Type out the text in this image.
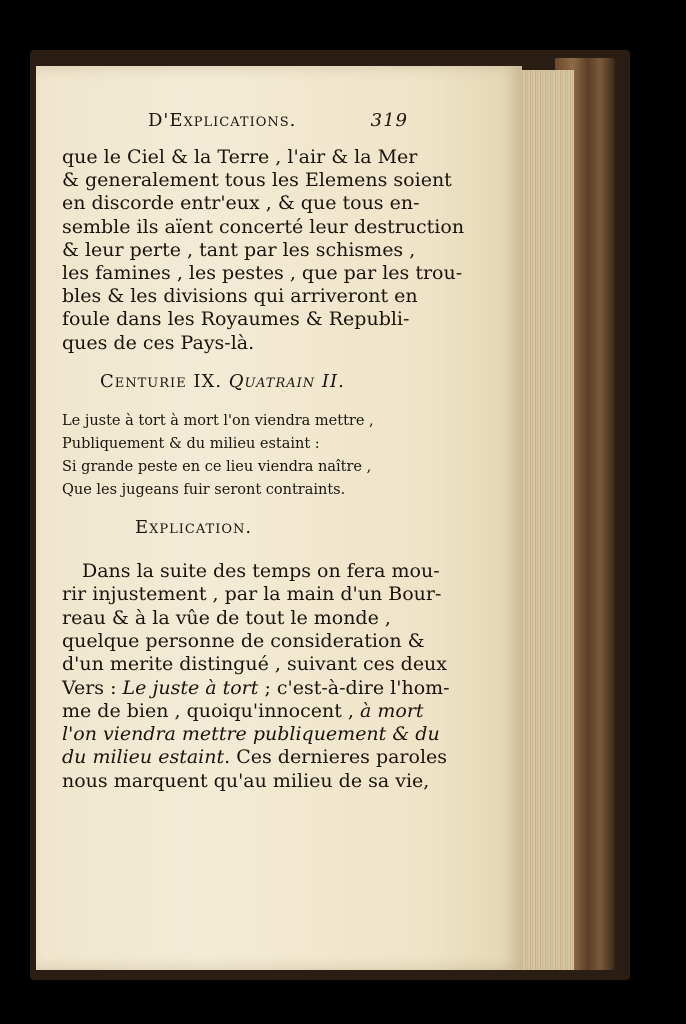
D'Explications.	319
que le Ciel & la Terre , l'air & la Mer
& generalement tous les Elemens soient
en discorde entr'eux , & que tous en-
semble ils aïent concerté leur destruction
& leur perte , tant par les schismes ,
les famines , les pestes , que par les trou-
bles & les divisions qui arriveront en
foule dans les Royaumes & Republi-
ques de ces Pays-là.
Centurie IX. Quatrain II.
Le juste à tort à mort l'on viendra mettre ,
Publiquement & du milieu estaint :
Si grande peste en ce lieu viendra naître ,
Que les jugeans fuir seront contraints.
Explication.
Dans la suite des temps on fera mou-
rir injustement , par la main d'un Bour-
reau & à la vûe de tout le monde ,
quelque personne de consideration &
d'un merite distingué , suivant ces deux
Vers : Le juste à tort ; c'est-à-dire l'hom-
me de bien , quoiqu'innocent , à mort
l'on viendra mettre publiquement & du
du milieu estaint. Ces dernieres paroles
nous marquent qu'au milieu de sa vie,
